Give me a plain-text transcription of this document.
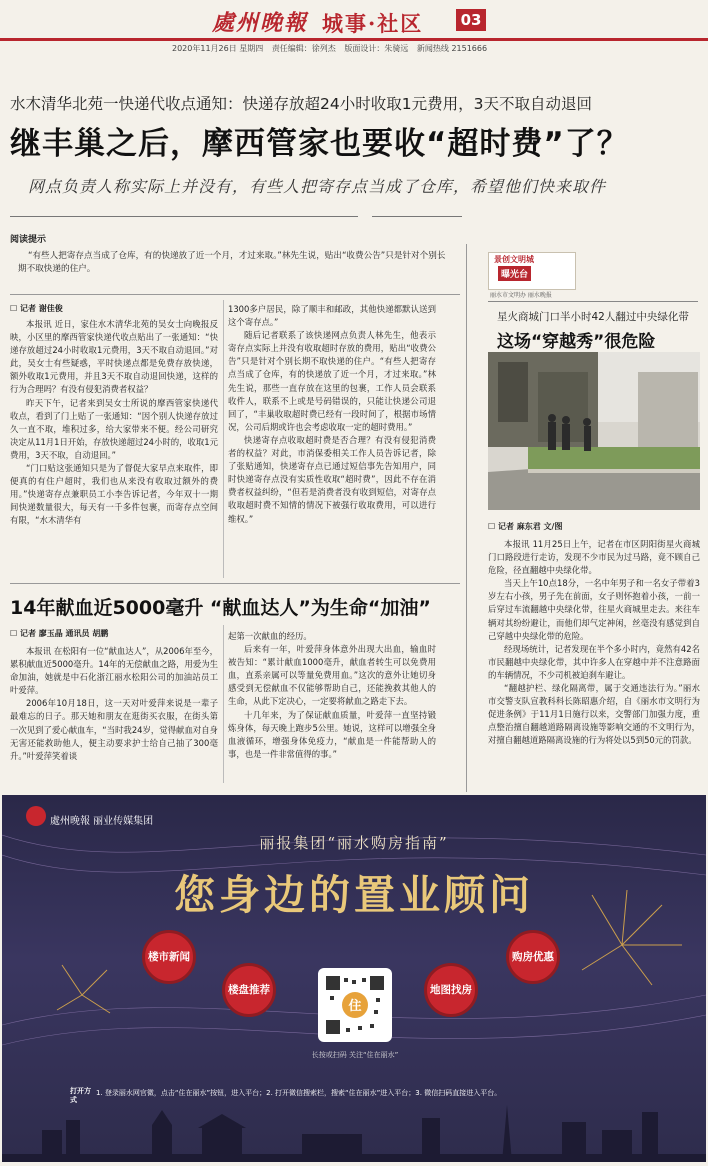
處州晚報 城事·社区	03
2020年11月26日 星期四 责任编辑：徐列杰 版面设计：朱骑远 新闻热线 2151666
水木清华北苑一快递代收点通知：快递存放超24小时收取1元费用，3天不取自动退回
继丰巢之后，摩西管家也要收“超时费”了？
网点负责人称实际上并没有，有些人把寄存点当成了仓库，希望他们快来取件
阅读提示
“有些人把寄存点当成了仓库，有的快递放了近一个月，才过来取。”林先生说，贴出“收费公告”只是针对个别长期不取快递的住户。
☐ 记者 谢佳俊

本报讯 近日，家住水木清华北苑的吴女士向晚报反映，小区里的摩西管家快递代收点贴出了一张通知：“快递存放超过24小时收取1元费用，3天不取自动退回。”对此，吴女士有些疑惑，平时快递点都是免费存放快递，额外收取1元费用，并且3天不取自动退回快递，这样的行为合理吗？有没有侵犯消费者权益？

昨天下午，记者来到吴女士所说的摩西管家快递代收点，看到了门上贴了一张通知：“因个别人快递存放过久一直不取，堆积过多，给大家带来不便。经公司研究决定从11月1日开始，存放快递超过24小时的，收取1元费用，3天不取，自动退回。”

“门口贴这张通知只是为了督促大家早点来取件，即便真的有住户超时，我们也从来没有收取过额外的费用。”快递寄存点兼职员工小李告诉记者，今年双十一期间快递数量很大，每天有一千多件包裹，而寄存点空间有限，“水木清华有

1300多户居民，除了顺丰和邮政，其他快递都默认送到这个寄存点。”

随后记者联系了该快递网点负责人林先生，他表示寄存点实际上并没有收取超时存放的费用，贴出“收费公告”只是针对个别长期不取快递的住户。“有些人把寄存点当成了仓库，有的快递放了近一个月，才过来取。”林先生说，那些一直存放在这里的包裹，工作人员会联系收件人，联系不上或是号码错误的，只能让快递公司退回了，“丰巢收取超时费已经有一段时间了，根据市场情况，公司后期或许也会考虑收取一定的超时费用。”

快递寄存点收取超时费是否合理？有没有侵犯消费者的权益？对此，市消保委相关工作人员告诉记者，除了张贴通知，快递寄存点已通过短信事先告知用户，同时快递寄存点没有实质性收取“超时费”，因此不存在消费者权益纠纷，“但若是消费者没有收到短信，对寄存点收取超时费不知情的情况下被强行收取费用，可以进行维权。”

14年献血近5000毫升 “献血达人”为生命“加油”
☐ 记者 廖玉晶 通讯员 胡鹏

本报讯 在松阳有一位“献血达人”，从2006年至今，累积献血近5000毫升。14年的无偿献血之路，用爱为生命加油，她就是中石化浙江丽水松阳公司的加油站员工叶爱萍。

2006年10月18日，这一天对叶爱萍来说是一辈子最难忘的日子。那天她和朋友在逛街买衣服，在街头第一次见到了爱心献血车，“当时我24岁，觉得献血对自身无害还能救助他人，便主动要求护士给自己抽了300毫升。”叶爱萍笑着谈

起第一次献血的经历。

后来有一年，叶爱萍身体意外出现大出血，输血时被告知：“累计献血1000毫升，献血者转生可以免费用血，直系亲属可以等量免费用血。”这次的意外让她切身感受到无偿献血不仅能够帮助自己，还能挽救其他人的生命，从此下定决心，一定要将献血之路走下去。

十几年来，为了保证献血质量，叶爱萍一直坚持锻炼身体，每天晚上跑步5公里。她说，这样可以增强全身血液循环，增强身体免疫力，“献血是一件能帮助人的事，也是一件非常值得的事。”

景创文明城
曝光台
丽水市文明办 丽水晚报
星火商城门口半小时42人翻过中央绿化带
这场“穿越秀”很危险
☐ 记者 麻东君 文/图

本报讯 11月25日上午，记者在市区阴阳街星火商城门口路段进行走访，发现不少市民为过马路，竟不顾自己危险，径直翻越中央绿化带。

当天上午10点18分，一名中年男子和一名女子带着3岁左右小孩，男子先在前面，女子则怀抱着小孩，一前一后穿过车流翻越中央绿化带，往星火商城里走去。来往车辆对其纷纷避让，而他们却气定神闲，丝毫没有感觉到自己穿越中央绿化带的危险。

经现场统计，记者发现在半个多小时内，竟然有42名市民翻越中央绿化带，其中许多人在穿越中并不注意路面的车辆情况，不少司机被迫刹车避让。

“翻越护栏、绿化隔离带，属于交通违法行为。”丽水市交警支队宣教科科长陈昭惠介绍，自《丽水市文明行为促进条例》于11月1日施行以来，交警部门加强力度，重点整治擅自翻越道路隔离设施等影响交通的不文明行为，对擅自翻越道路隔离设施的行为将处以5到50元的罚款。

處州晚報 丽业传媒集团
丽报集团“丽水购房指南”
您身边的置业顾问
楼市新闻
楼盘推荐	地图找房
购房优惠
住
长按或扫码 关注“住在丽水”
打开方式
1. 登录丽水网官微，点击“住在丽水”按钮，进入平台；2. 打开微信搜索栏，搜索“住在丽水”进入平台；3. 微信扫码直接进入平台。
